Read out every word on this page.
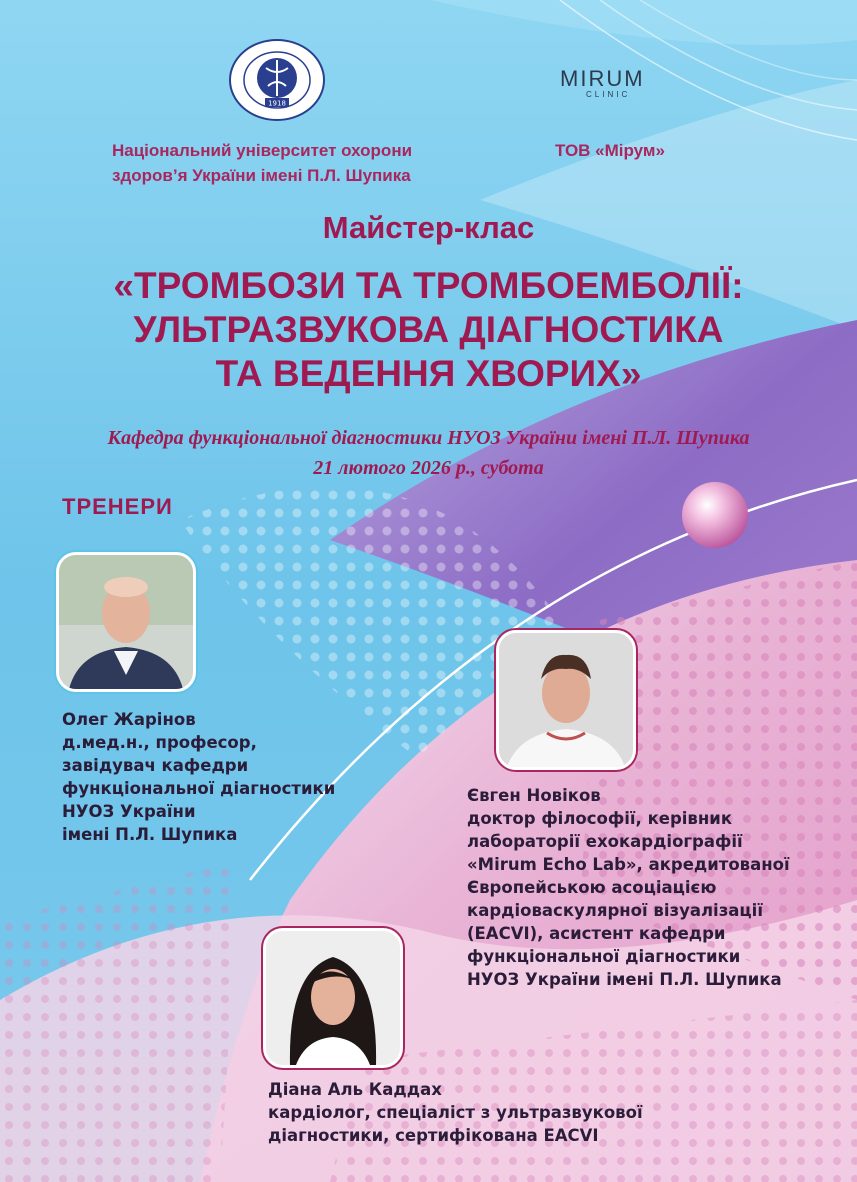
1918
MIRUM
CLINIC
Національний університет охорони
здоров’я України імені П.Л. Шупика
ТОВ «Мірум»
Майстер-клас
«ТРОМБОЗИ ТА ТРОМБОЕМБОЛІЇ:
УЛЬТРАЗВУКОВА ДІАГНОСТИКА
ТА ВЕДЕННЯ ХВОРИХ»
Кафедра функціональної діагностики НУОЗ України імені П.Л. Шупика
21 лютого 2026 р., субота
ТРЕНЕРИ
Олег Жарінов
д.мед.н., професор,
завідувач кафедри
функціональної діагностики
НУОЗ України
імені П.Л. Шупика
Євген Новіков
доктор філософії, керівник
лабораторії ехокардіографії
«Mirum Echo Lab», акредитованої
Європейською асоціацією
кардіоваскулярної візуалізації
(EACVI), асистент кафедри
функціональної діагностики
НУОЗ України імені П.Л. Шупика
Діана Аль Каддах
кардіолог, спеціаліст з ультразвукової
діагностики, сертифікована EACVI
